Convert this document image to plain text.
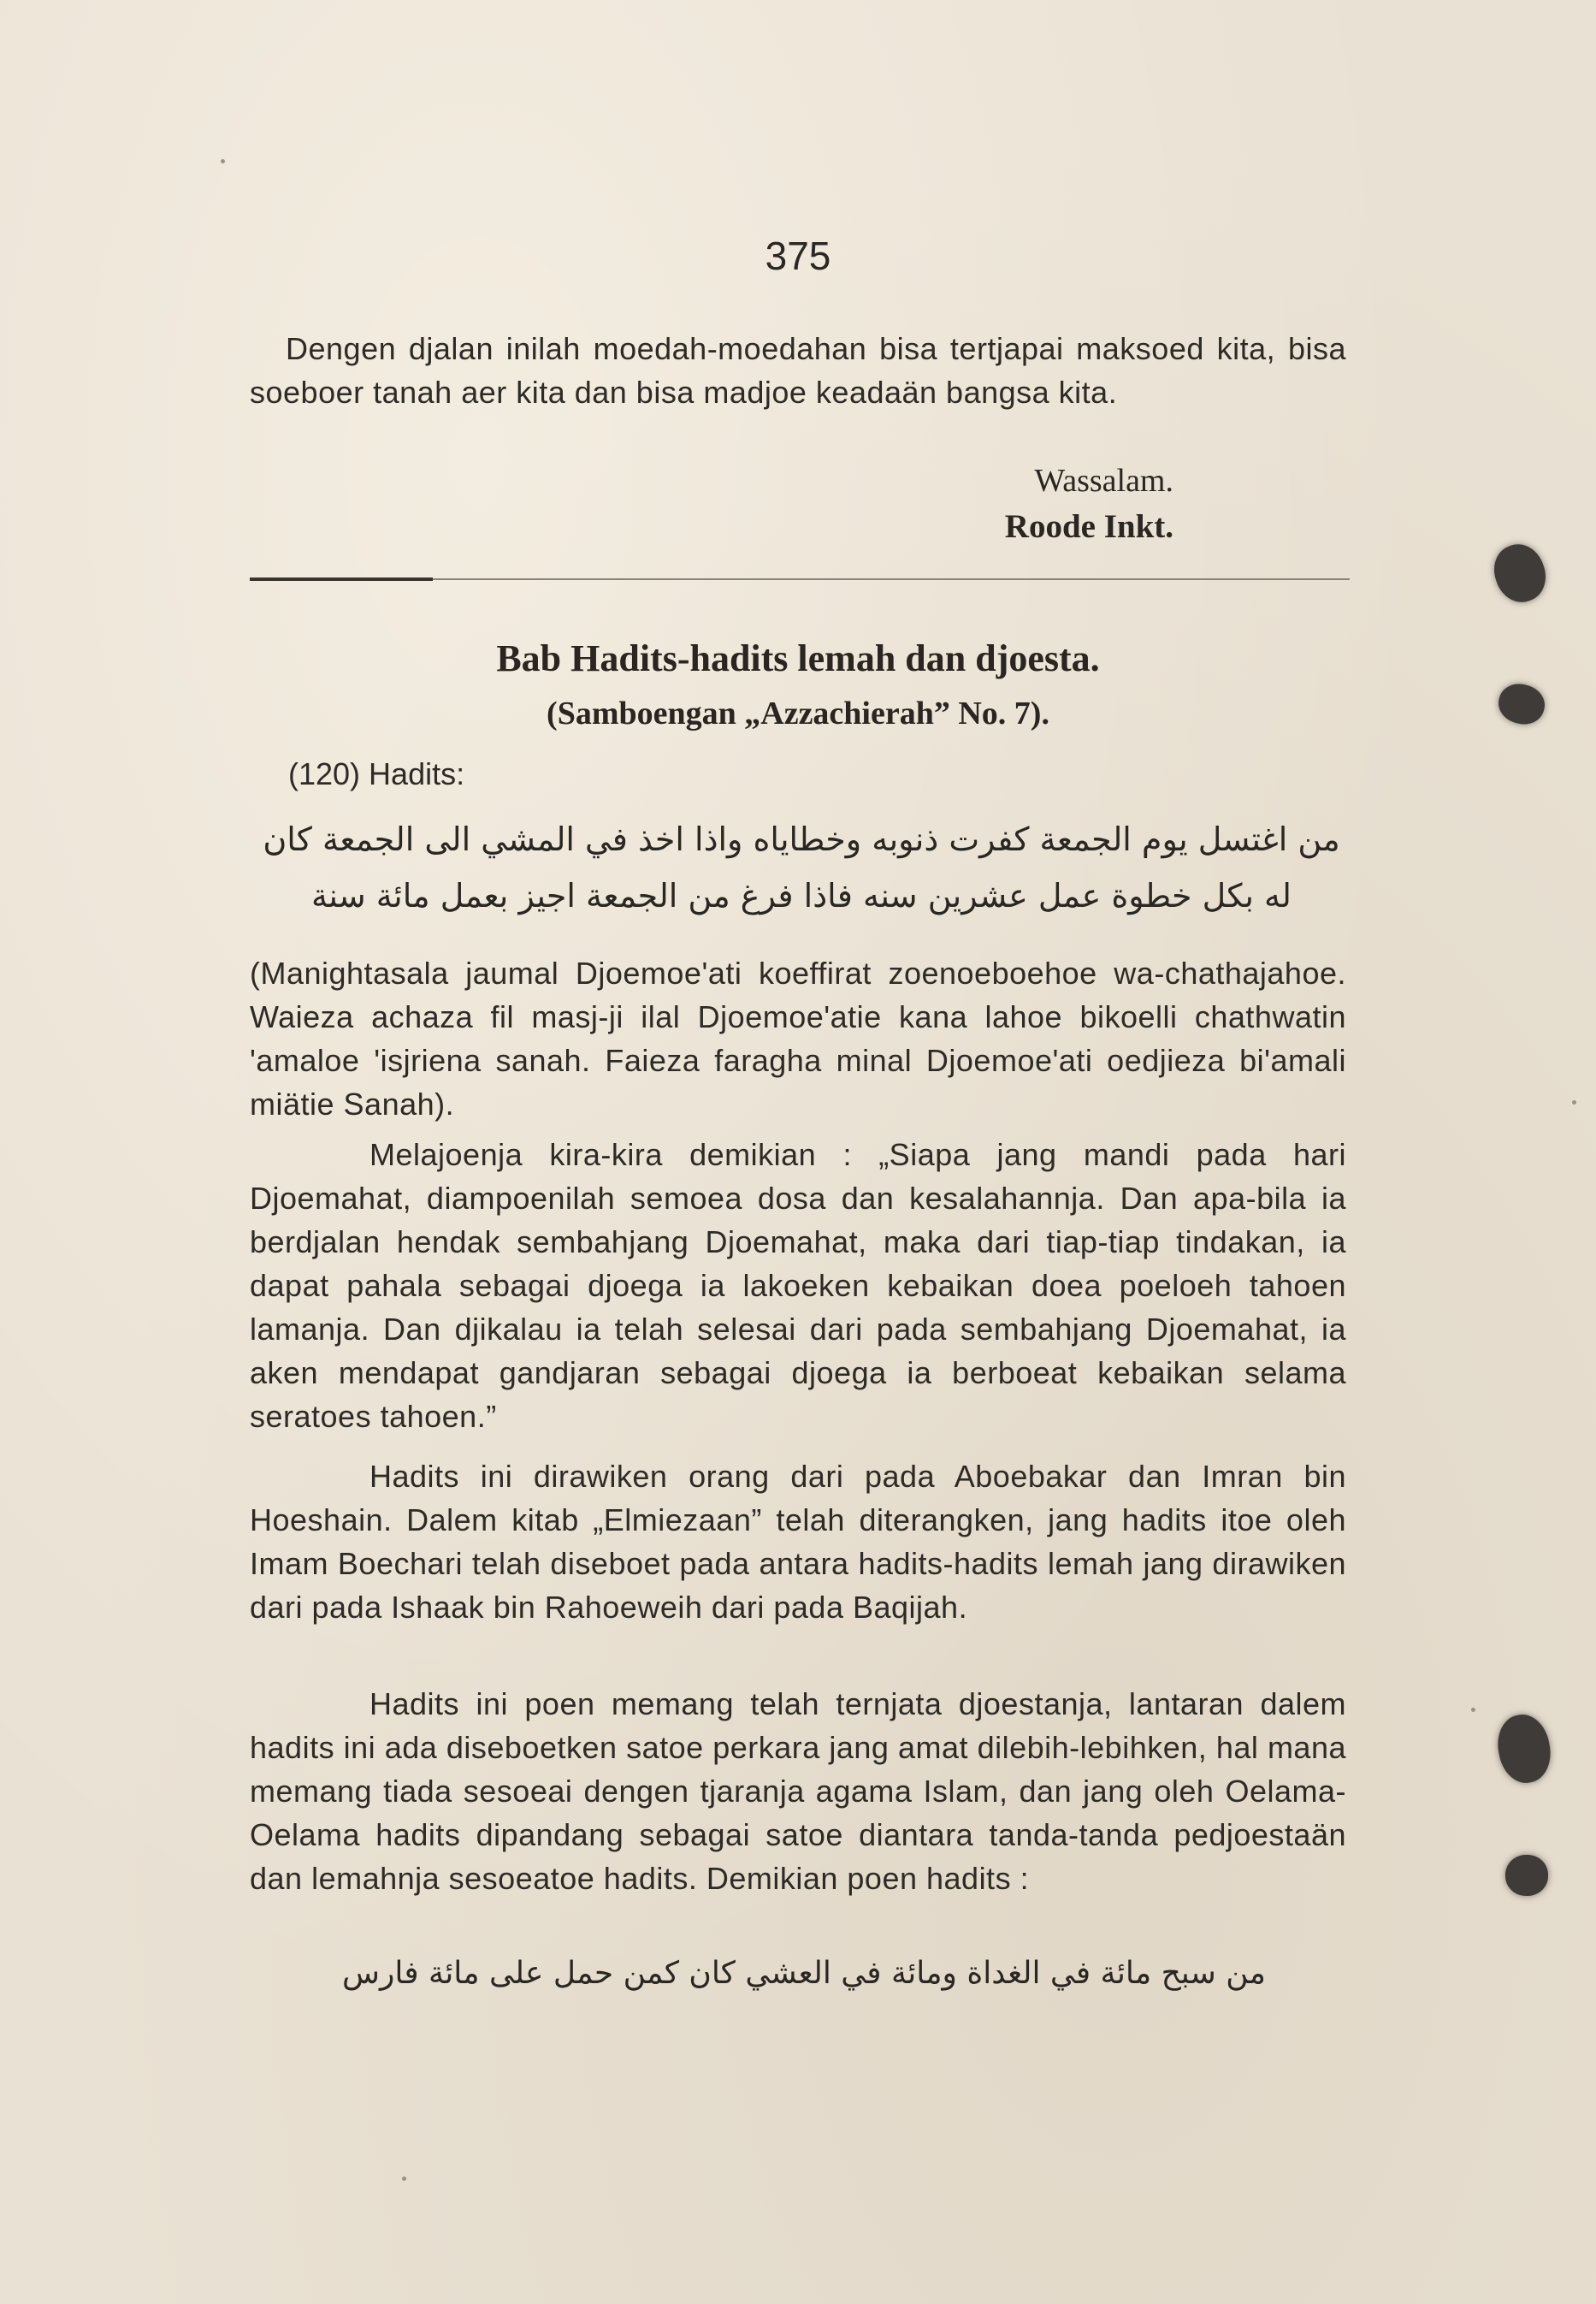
375

Dengen djalan inilah moedah-moedahan bisa tertjapai maksoed kita, bisa soeboer tanah aer kita dan bisa madjoe keadaän bangsa kita.

Wassalam.
Roode Inkt.
Bab Hadits-hadits lemah dan djoesta.
(Samboengan „Azzachierah” No. 7).
(120) Hadits:
من اغتسل يوم الجمعة كفرت ذنوبه وخطاياه واذا اخذ في المشي الى الجمعة كان له بكل خطوة عمل عشرين سنه فاذا فرغ من الجمعة اجيز بعمل مائة سنة

(Manightasala jaumal Djoemoe'ati koeffirat zoenoeboehoe wa-chathajahoe. Waieza achaza fil masj-ji ilal Djoemoe'atie kana lahoe bikoelli chathwatin 'amaloe 'isjriena sanah. Faieza faragha minal Djoemoe'ati oedjieza bi'amali miätie Sanah).

Melajoenja kira-kira demikian : „Siapa jang mandi pada hari Djoemahat, diampoenilah semoea dosa dan kesalahannja. Dan apa-bila ia berdjalan hendak sembahjang Djoemahat, maka dari tiap-tiap tindakan, ia dapat pahala sebagai djoega ia lakoeken kebaikan doea poeloeh tahoen lamanja. Dan djikalau ia telah selesai dari pada sembahjang Djoemahat, ia aken mendapat gandjaran sebagai djoega ia berboeat kebaikan selama seratoes tahoen.”

Hadits ini dirawiken orang dari pada Aboebakar dan Imran bin Hoeshain. Dalem kitab „Elmiezaan” telah diterangken, jang hadits itoe oleh Imam Boechari telah diseboet pada antara hadits-hadits lemah jang dirawiken dari pada Ishaak bin Rahoeweih dari pada Baqijah.

Hadits ini poen memang telah ternjata djoestanja, lantaran dalem hadits ini ada diseboetken satoe perkara jang amat dilebih-lebihken, hal mana memang tiada sesoeai dengen tjaranja agama Islam, dan jang oleh Oelama-Oelama hadits dipandang sebagai satoe diantara tanda-tanda pedjoestaän dan lemahnja sesoeatoe hadits. Demikian poen hadits :

من سبح مائة في الغداة ومائة في العشي كان كمن حمل على مائة فارس
